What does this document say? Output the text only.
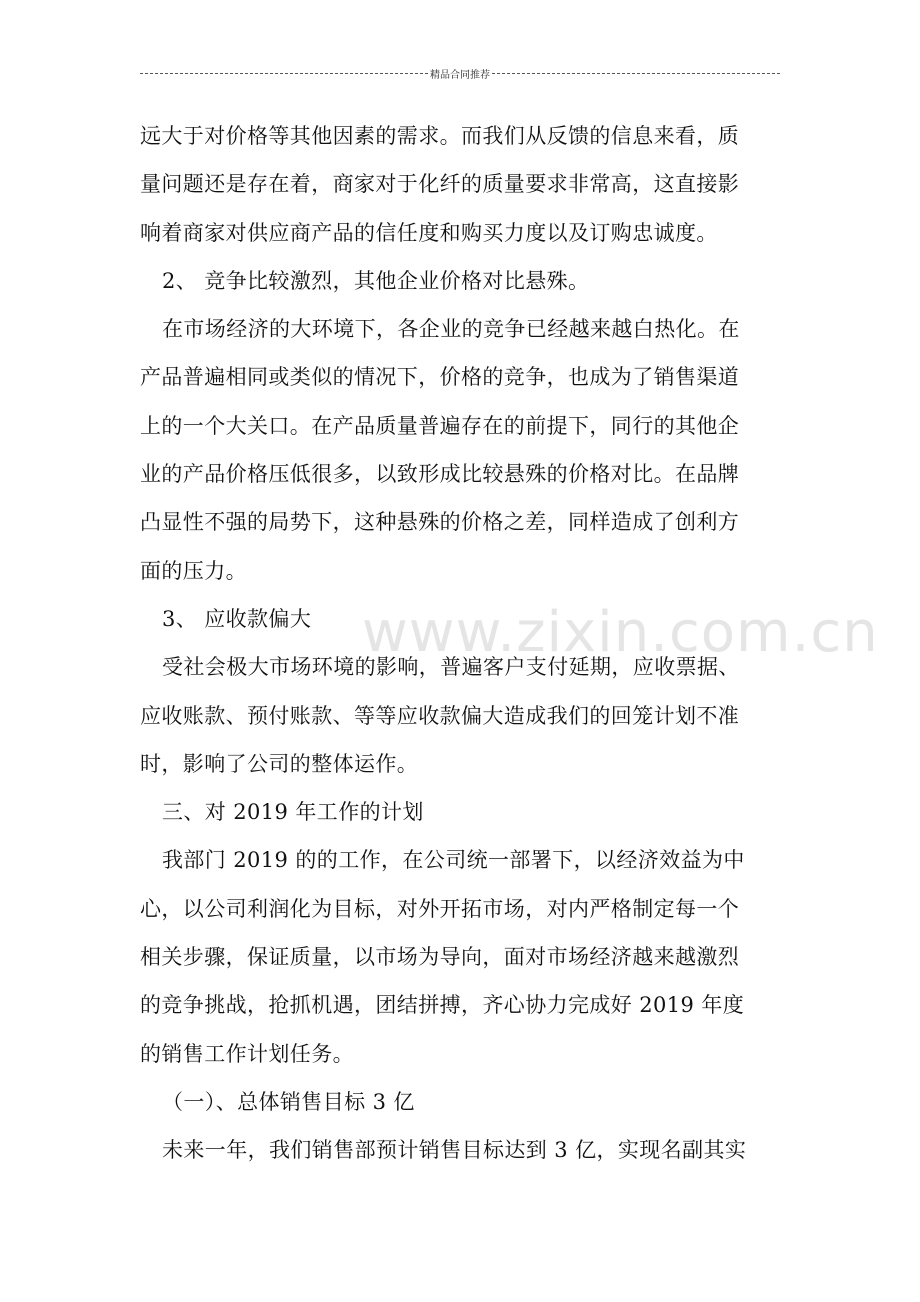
精品合同推荐

远大于对价格等其他因素的需求。而我们从反馈的信息来看，质

量问题还是存在着，商家对于化纤的质量要求非常高，这直接影

响着商家对供应商产品的信任度和购买力度以及订购忠诚度。

2、 竞争比较激烈，其他企业价格对比悬殊。

在市场经济的大环境下，各企业的竞争已经越来越白热化。在

产品普遍相同或类似的情况下，价格的竞争，也成为了销售渠道

上的一个大关口。在产品质量普遍存在的前提下，同行的其他企

业的产品价格压低很多，以致形成比较悬殊的价格对比。在品牌

凸显性不强的局势下，这种悬殊的价格之差，同样造成了创利方

面的压力。

3、 应收款偏大

受社会极大市场环境的影响，普遍客户支付延期，应收票据、

应收账款、预付账款、等等应收款偏大造成我们的回笼计划不准

时，影响了公司的整体运作。

三、对 2019 年工作的计划

我部门 2019 的的工作，在公司统一部署下，以经济效益为中

心，以公司利润化为目标，对外开拓市场，对内严格制定每一个

相关步骤，保证质量，以市场为导向，面对市场经济越来越激烈

的竞争挑战，抢抓机遇，团结拼搏，齐心协力完成好 2019 年度

的销售工作计划任务。

（一）、总体销售目标 3 亿

未来一年，我们销售部预计销售目标达到 3 亿，实现名副其实

www.zixin.com.cn
